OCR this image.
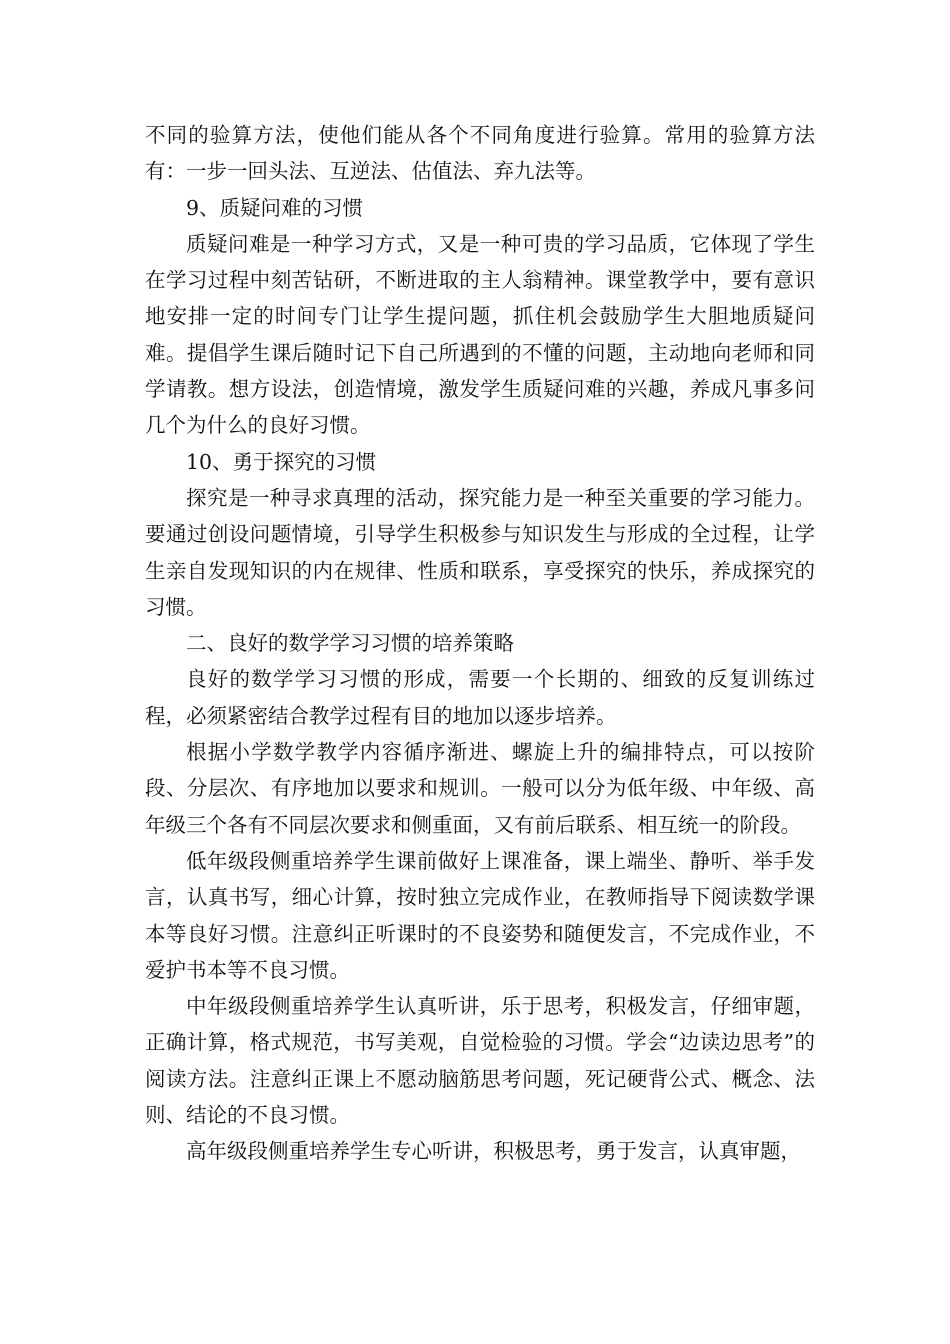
不同的验算方法，使他们能从各个不同角度进行验算。常用的验算方法有：一步一回头法、互逆法、估值法、弃九法等。

9、质疑问难的习惯

质疑问难是一种学习方式，又是一种可贵的学习品质，它体现了学生在学习过程中刻苦钻研，不断进取的主人翁精神。课堂教学中，要有意识地安排一定的时间专门让学生提问题，抓住机会鼓励学生大胆地质疑问难。提倡学生课后随时记下自己所遇到的不懂的问题，主动地向老师和同学请教。想方设法，创造情境，激发学生质疑问难的兴趣，养成凡事多问几个为什么的良好习惯。

10、勇于探究的习惯

探究是一种寻求真理的活动，探究能力是一种至关重要的学习能力。要通过创设问题情境，引导学生积极参与知识发生与形成的全过程，让学生亲自发现知识的内在规律、性质和联系，享受探究的快乐，养成探究的习惯。

二、良好的数学学习习惯的培养策略

良好的数学学习习惯的形成，需要一个长期的、细致的反复训练过程，必须紧密结合教学过程有目的地加以逐步培养。

根据小学数学教学内容循序渐进、螺旋上升的编排特点，可以按阶段、分层次、有序地加以要求和规训。一般可以分为低年级、中年级、高年级三个各有不同层次要求和侧重面，又有前后联系、相互统一的阶段。

低年级段侧重培养学生课前做好上课准备，课上端坐、静听、举手发言，认真书写，细心计算，按时独立完成作业，在教师指导下阅读数学课本等良好习惯。注意纠正听课时的不良姿势和随便发言，不完成作业，不爱护书本等不良习惯。

中年级段侧重培养学生认真听讲，乐于思考，积极发言，仔细审题，正确计算，格式规范，书写美观，自觉检验的习惯。学会“边读边思考”的阅读方法。注意纠正课上不愿动脑筋思考问题，死记硬背公式、概念、法则、结论的不良习惯。

高年级段侧重培养学生专心听讲，积极思考，勇于发言，认真审题，
